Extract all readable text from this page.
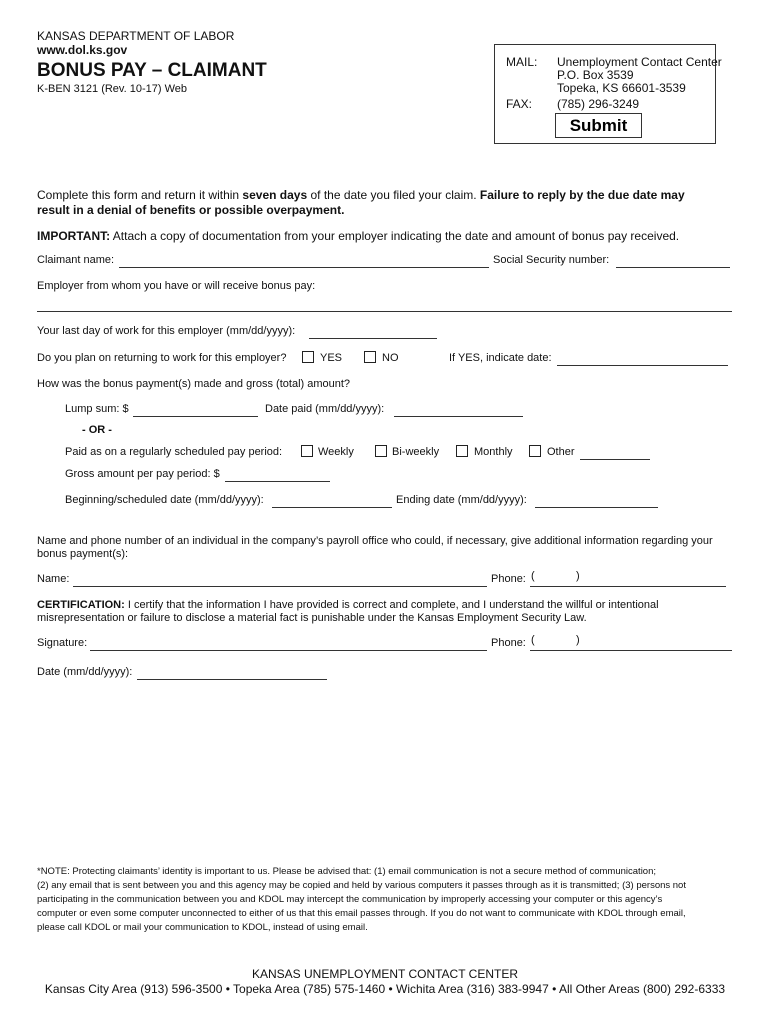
KANSAS DEPARTMENT OF LABOR
www.dol.ks.gov
BONUS PAY – CLAIMANT
K-BEN 3121 (Rev. 10-17) Web
MAIL: Unemployment Contact Center
P.O. Box 3539
Topeka, KS 66601-3539
FAX: (785) 296-3249
Submit
Complete this form and return it within seven days of the date you filed your claim. Failure to reply by the due date may
result in a denial of benefits or possible overpayment.
IMPORTANT: Attach a copy of documentation from your employer indicating the date and amount of bonus pay received.
Claimant name:	Social Security number:
Employer from whom you have or will receive bonus pay:
Your last day of work for this employer (mm/dd/yyyy):
Do you plan on returning to work for this employer?	YES	NO	If YES, indicate date:
How was the bonus payment(s) made and gross (total) amount?
Lump sum: $	Date paid (mm/dd/yyyy):
- OR -
Paid as on a regularly scheduled pay period:	Weekly	Bi-weekly	Monthly	Other
Gross amount per pay period: $
Beginning/scheduled date (mm/dd/yyyy):	Ending date (mm/dd/yyyy):
Name and phone number of an individual in the company’s payroll office who could, if necessary, give additional information regarding your
bonus payment(s):
Name:	Phone: (	)
CERTIFICATION: I certify that the information I have provided is correct and complete, and I understand the willful or intentional
misrepresentation or failure to disclose a material fact is punishable under the Kansas Employment Security Law.
Signature:	Phone: (	)
Date (mm/dd/yyyy):
*NOTE: Protecting claimants’ identity is important to us. Please be advised that: (1) email communication is not a secure method of communication;
(2) any email that is sent between you and this agency may be copied and held by various computers it passes through as it is transmitted; (3) persons not
participating in the communication between you and KDOL may intercept the communication by improperly accessing your computer or this agency’s
computer or even some computer unconnected to either of us that this email passes through. If you do not want to communicate with KDOL through email,
please call KDOL or mail your communication to KDOL, instead of using email.
KANSAS UNEMPLOYMENT CONTACT CENTER
Kansas City Area (913) 596-3500 • Topeka Area (785) 575-1460 • Wichita Area (316) 383-9947 • All Other Areas (800) 292-6333
